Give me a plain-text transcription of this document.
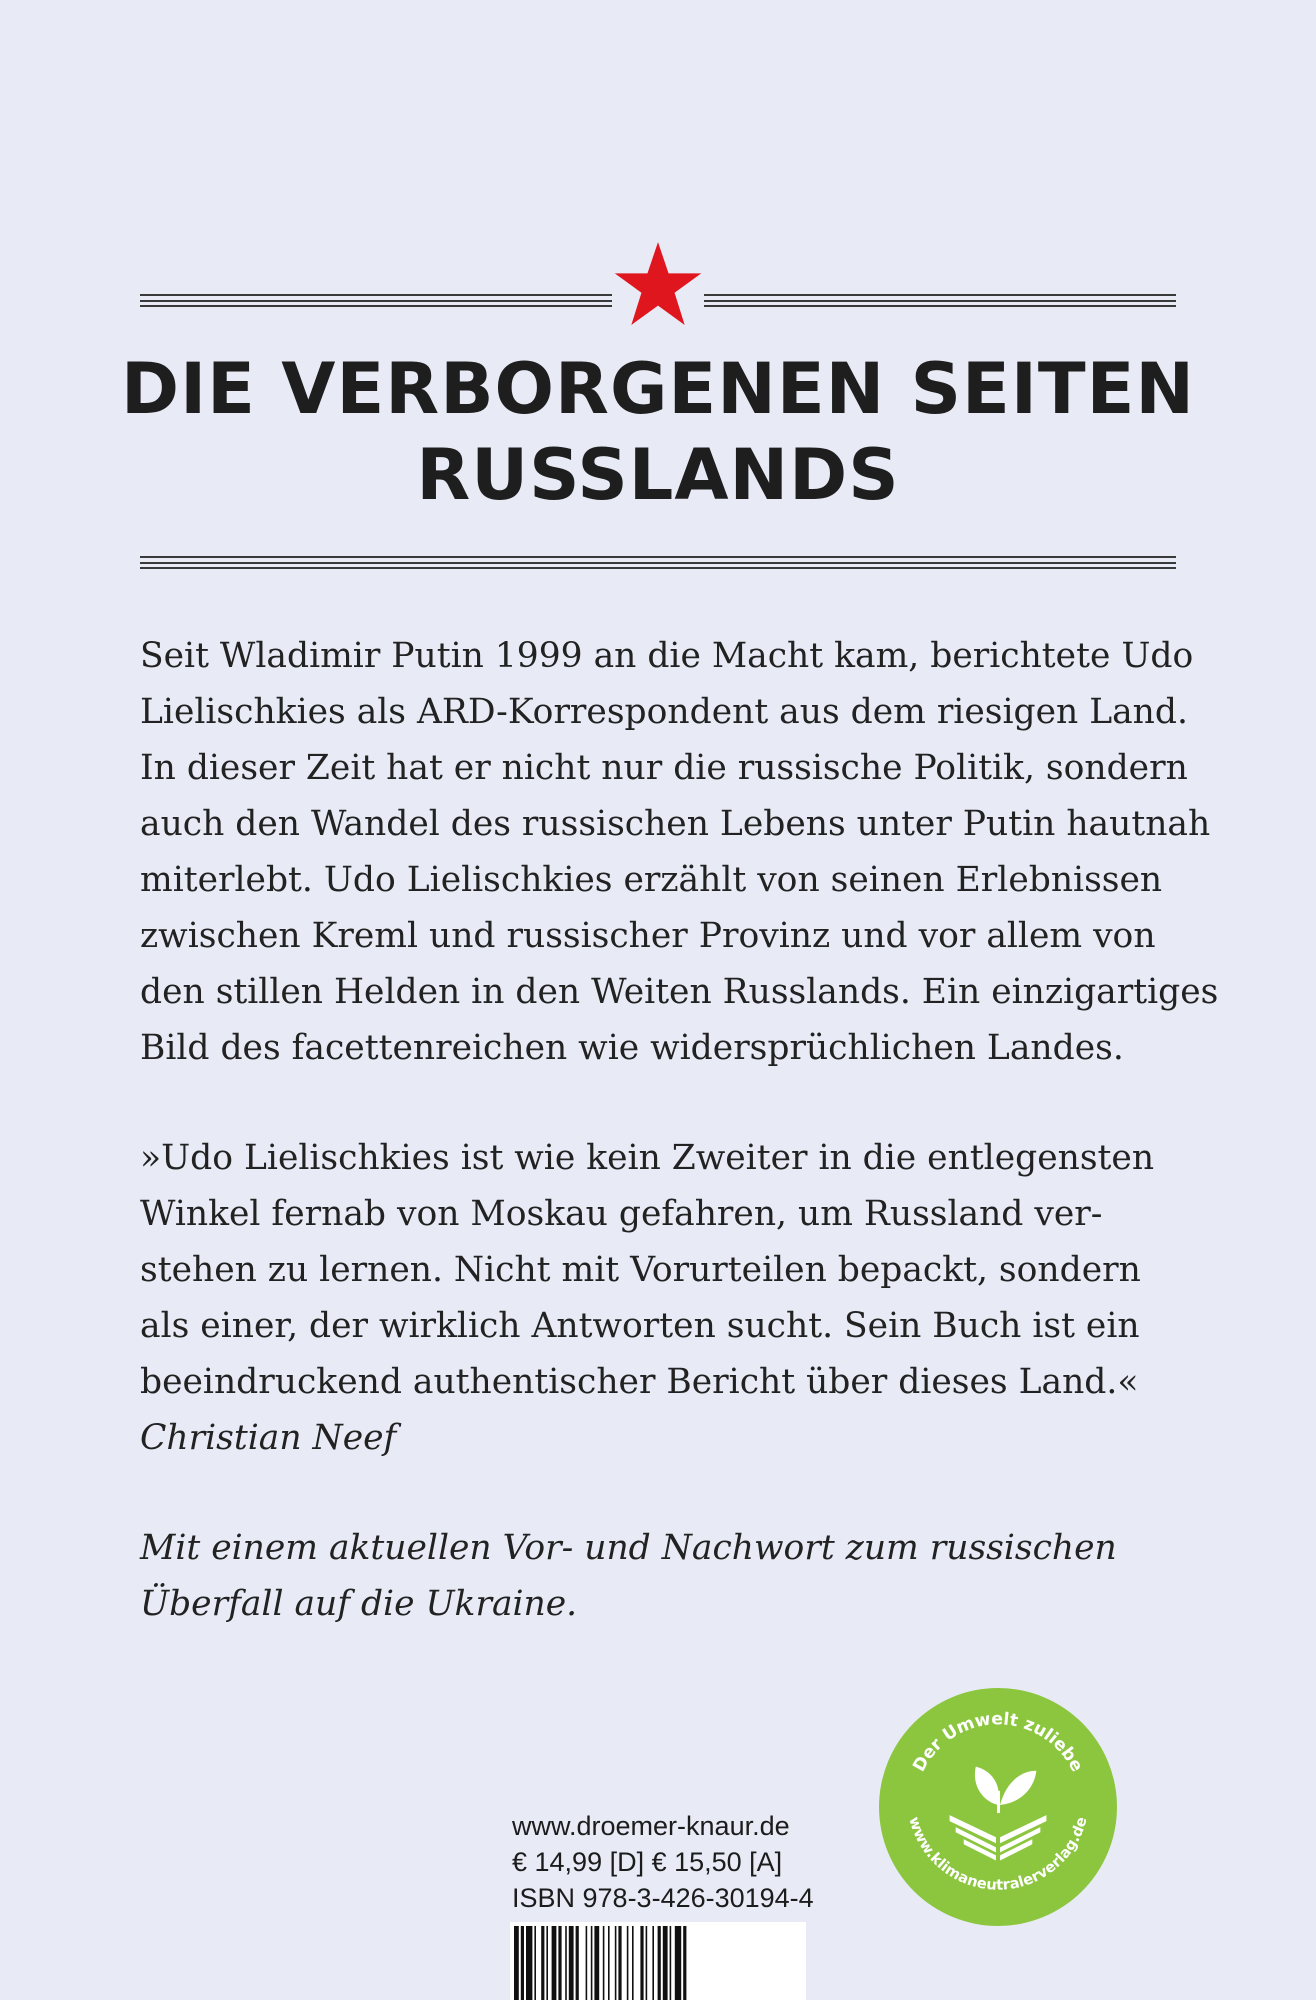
DIE VERBORGENEN SEITEN
RUSSLANDS

Seit Wladimir Putin 1999 an die Macht kam, berichtete Udo
Lielischkies als ARD-Korrespondent aus dem riesigen Land.
In dieser Zeit hat er nicht nur die russische Politik, sondern
auch den Wandel des russischen Lebens unter Putin hautnah
miterlebt. Udo Lielischkies erzählt von seinen Erlebnissen
zwischen Kreml und russischer Provinz und vor allem von
den stillen Helden in den Weiten Russlands. Ein einzigartiges
Bild des facettenreichen wie widersprüchlichen Landes.

»Udo Lielischkies ist wie kein Zweiter in die entlegensten
Winkel fernab von Moskau gefahren, um Russland ver-
stehen zu lernen. Nicht mit Vorurteilen bepackt, sondern
als einer, der wirklich Antworten sucht. Sein Buch ist ein
beeindruckend authentischer Bericht über dieses Land.«
Christian Neef

Mit einem aktuellen Vor- und Nachwort zum russischen
Überfall auf die Ukraine.

Der Umwelt zuliebe
www.klimaneutralerverlag.de
www.droemer-knaur.de
€ 14,99 [D] € 15,50 [A]
ISBN 978-3-426-30194-4
